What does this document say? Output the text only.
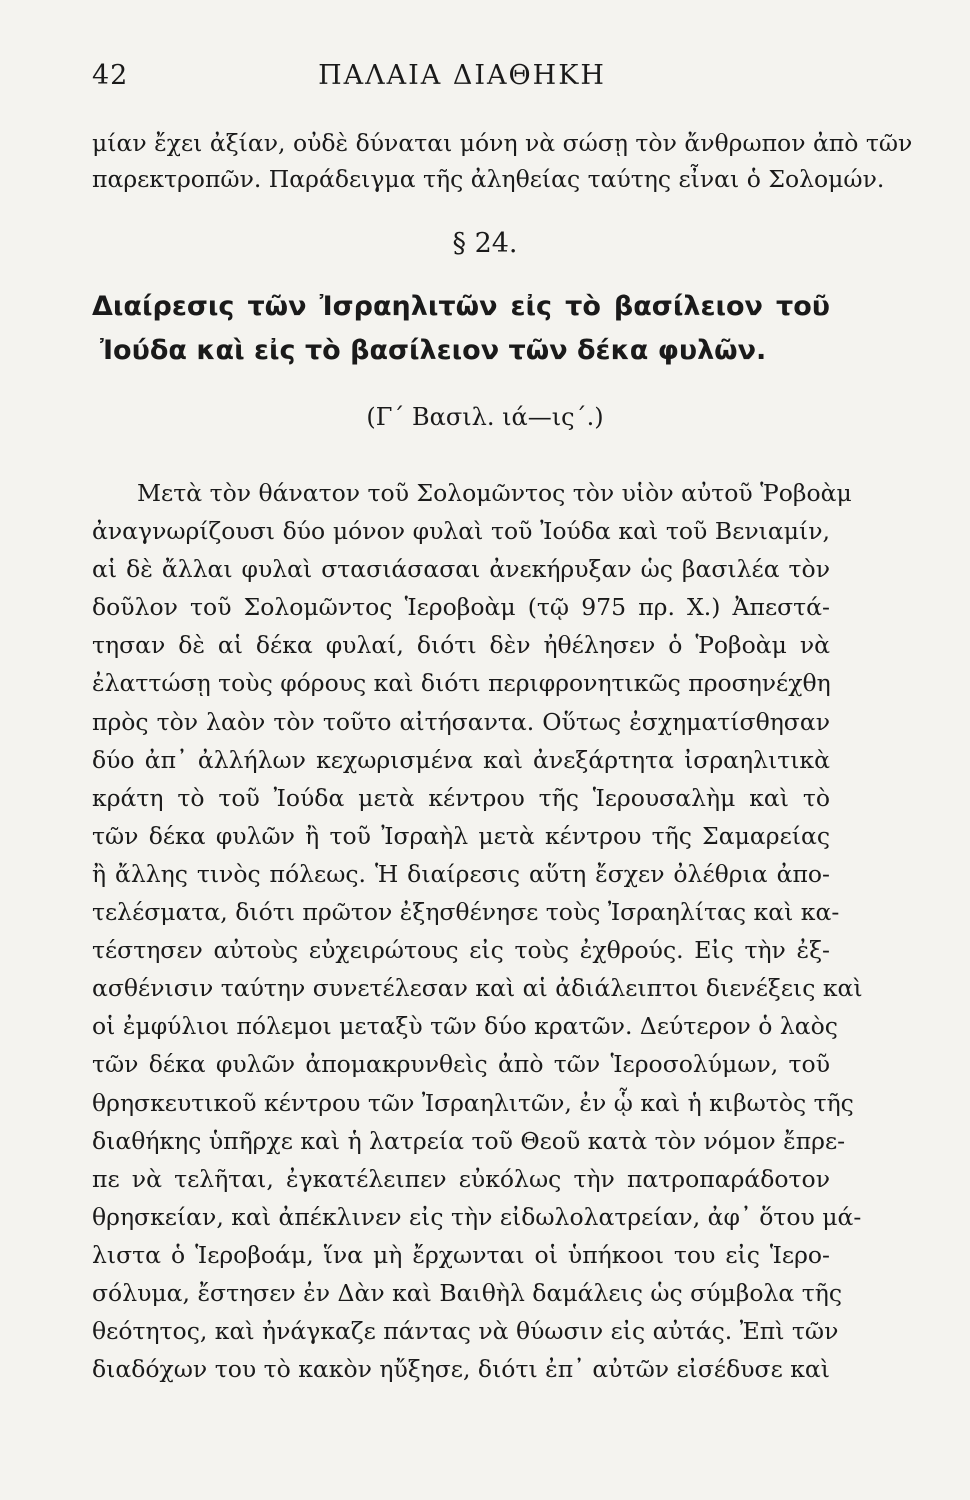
42	ΠΑΛΑΙΑ ΔΙΑΘΗΚΗ
μίαν ἔχει ἀξίαν, οὐδὲ δύναται μόνη νὰ σώσῃ τὸν ἄνθρωπον ἀπὸ τῶν
παρεκτροπῶν. Παράδειγμα τῆς ἀληθείας ταύτης εἶναι ὁ Σολομών.
§ 24.
Διαίρεσις τῶν Ἰσραηλιτῶν εἰς τὸ βασίλειον τοῦ
Ἰούδα καὶ εἰς τὸ βασίλειον τῶν δέκα φυλῶν.
(Γ΄ Βασιλ. ιά—ις΄.)
Μετὰ τὸν θάνατον τοῦ Σολομῶντος τὸν υἱὸν αὐτοῦ Ῥοβοὰμ
ἀναγνωρίζουσι δύο μόνον φυλαὶ τοῦ Ἰούδα καὶ τοῦ Βενιαμίν,
αἱ δὲ ἄλλαι φυλαὶ στασιάσασαι ἀνεκήρυξαν ὡς βασιλέα τὸν
δοῦλον τοῦ Σολομῶντος Ἱεροβοὰμ (τῷ 975 πρ. Χ.) Ἀπεστά-
τησαν δὲ αἱ δέκα φυλαί, διότι δὲν ἠθέλησεν ὁ Ῥοβοὰμ νὰ
ἐλαττώσῃ τοὺς φόρους καὶ διότι περιφρονητικῶς προσηνέχθη
πρὸς τὸν λαὸν τὸν τοῦτο αἰτήσαντα. Οὕτως ἐσχηματίσθησαν
δύο ἀπ᾿ ἀλλήλων κεχωρισμένα καὶ ἀνεξάρτητα ἰσραηλιτικὰ
κράτη τὸ τοῦ Ἰούδα μετὰ κέντρου τῆς Ἱερουσαλὴμ καὶ τὸ
τῶν δέκα φυλῶν ἢ τοῦ Ἰσραὴλ μετὰ κέντρου τῆς Σαμαρείας
ἢ ἄλλης τινὸς πόλεως. Ἡ διαίρεσις αὕτη ἔσχεν ὀλέθρια ἀπο-
τελέσματα, διότι πρῶτον ἐξησθένησε τοὺς Ἰσραηλίτας καὶ κα-
τέστησεν αὐτοὺς εὐχειρώτους εἰς τοὺς ἐχθρούς. Εἰς τὴν ἐξ-
ασθένισιν ταύτην συνετέλεσαν καὶ αἱ ἀδιάλειπτοι διενέξεις καὶ
οἱ ἐμφύλιοι πόλεμοι μεταξὺ τῶν δύο κρατῶν. Δεύτερον ὁ λαὸς
τῶν δέκα φυλῶν ἀπομακρυνθεὶς ἀπὸ τῶν Ἱεροσολύμων, τοῦ
θρησκευτικοῦ κέντρου τῶν Ἰσραηλιτῶν, ἐν ᾧ καὶ ἡ κιβωτὸς τῆς
διαθήκης ὑπῆρχε καὶ ἡ λατρεία τοῦ Θεοῦ κατὰ τὸν νόμον ἔπρε-
πε νὰ τελῆται, ἐγκατέλειπεν εὐκόλως τὴν πατροπαράδοτον
θρησκείαν, καὶ ἀπέκλινεν εἰς τὴν εἰδωλολατρείαν, ἀφ᾿ ὅτου μά-
λιστα ὁ Ἱεροβοάμ, ἵνα μὴ ἔρχωνται οἱ ὑπήκοοι του εἰς Ἱερο-
σόλυμα, ἔστησεν ἐν Δὰν καὶ Βαιθὴλ δαμάλεις ὡς σύμβολα τῆς
θεότητος, καὶ ἠνάγκαζε πάντας νὰ θύωσιν εἰς αὐτάς. Ἐπὶ τῶν
διαδόχων του τὸ κακὸν ηὔξησε, διότι ἐπ᾿ αὐτῶν εἰσέδυσε καὶ
